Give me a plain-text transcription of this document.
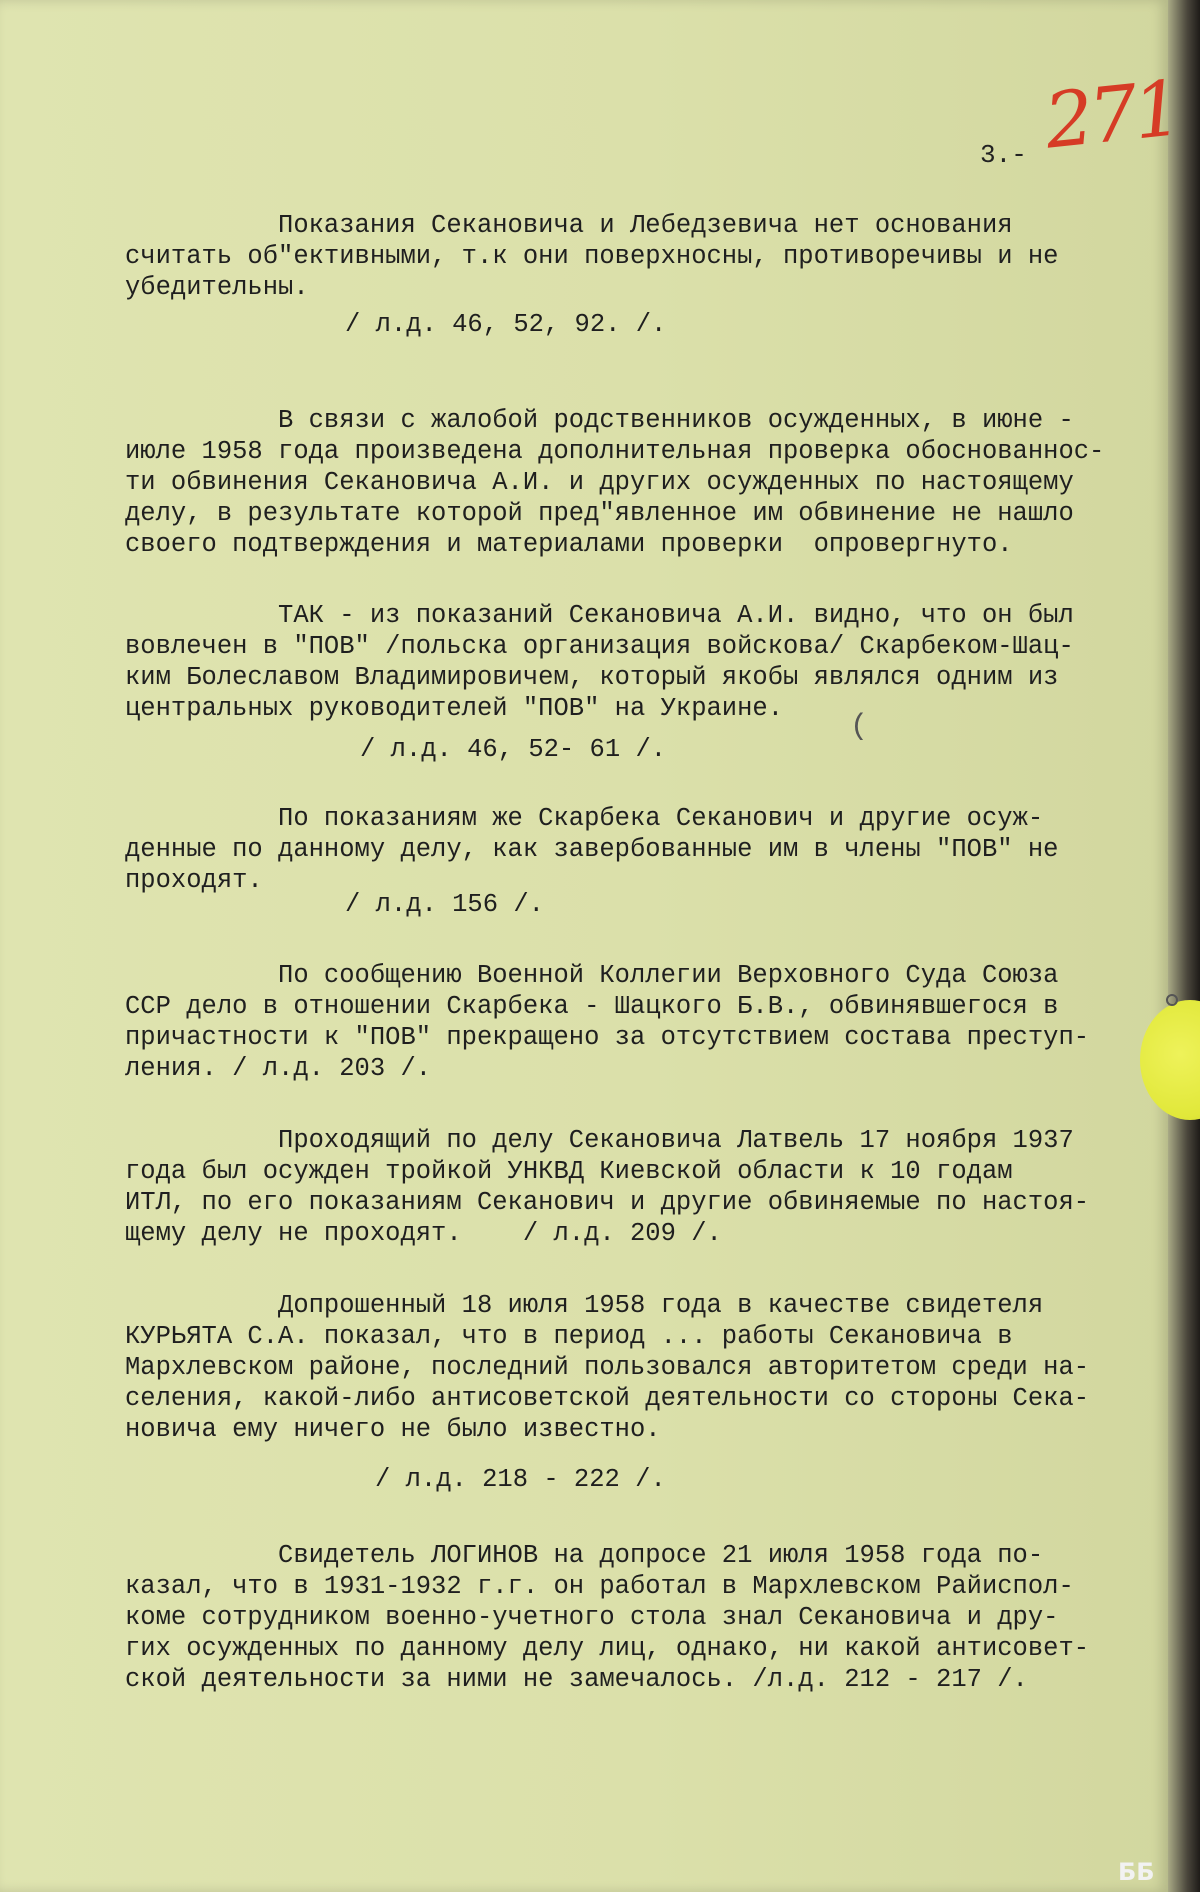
3.- 271

Показания Секановича и Лебедзевича нет основания
считать об"ективными, т.к они поверхносны, противоречивы и не
убедительны.

/ л.д. 46, 52, 92. /.

В связи с жалобой родственников осужденных, в июне -
июле 1958 года произведена дополнительная проверка обоснованнос-
ти обвинения Секановича А.И. и других осужденных по настоящему
делу, в результате которой пред"явленное им обвинение не нашло
своего подтверждения и материалами проверки  опровергнуто.

ТАК - из показаний Секановича А.И. видно, что он был
вовлечен в "ПОВ" /польска организация войскова/ Скарбеком-Шац-
ким Болеславом Владимировичем, который якобы являлся одним из
центральных руководителей "ПОВ" на Украине.

/ л.д. 46, 52- 61 /.
(

По показаниям же Скарбека Секанович и другие осуж-
денные по данному делу, как завербованные им в члены "ПОВ" не
проходят.

/ л.д. 156 /.

По сообщению Военной Коллегии Верховного Суда Союза
ССР дело в отношении Скарбека - Шацкого Б.В., обвинявшегося в
причастности к "ПОВ" прекращено за отсутствием состава преступ-
ления. / л.д. 203 /.

Проходящий по делу Секановича Латвель 17 ноября 1937
года был осужден тройкой УНКВД Киевской области к 10 годам
ИТЛ, по его показаниям Секанович и другие обвиняемые по настоя-
щему делу не проходят.    / л.д. 209 /.

Допрошенный 18 июля 1958 года в качестве свидетеля
КУРЬЯТА С.А. показал, что в период ... работы Секановича в
Мархлевском районе, последний пользовался авторитетом среди на-
селения, какой-либо антисоветской деятельности со стороны Сека-
новича ему ничего не было известно.

/ л.д. 218 - 222 /.

Свидетель ЛОГИНОВ на допросе 21 июля 1958 года по-
казал, что в 1931-1932 г.г. он работал в Мархлевском Райиспол-
коме сотрудником военно-учетного стола знал Секановича и дру-
гих осужденных по данному делу лиц, однако, ни какой антисовет-
ской деятельности за ними не замечалось. /л.д. 212 - 217 /.

ББ
